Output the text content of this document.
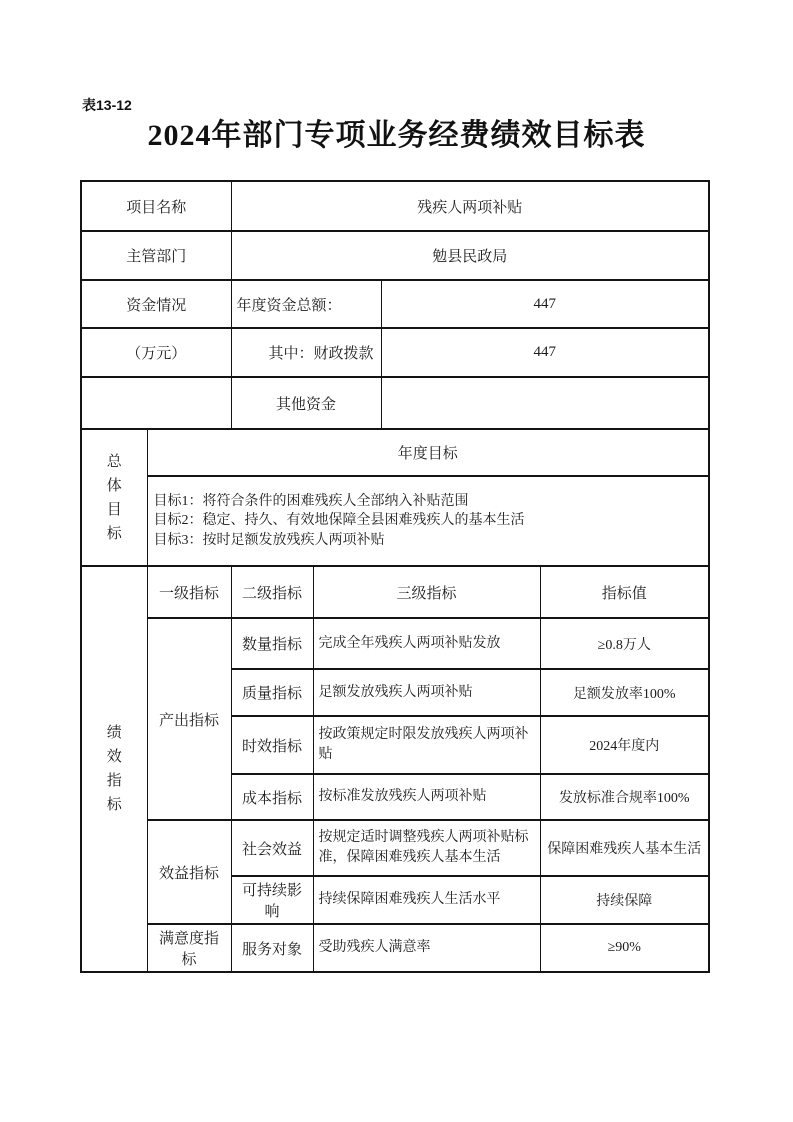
表13-12
2024年部门专项业务经费绩效目标表
项目名称		残疾人两项补贴			
主管部门		勉县民政局			
资金情况		年度资金总额：		447	
（万元）		其中：财政拨款		447	
		其他资金			

总体目标	年度目标				

	目标1：将符合条件的困难残疾人全部纳入补贴范围
目标2：稳定、持久、有效地保障全县困难残疾人的基本生活
目标3：按时足额发放残疾人两项补贴				

绩效指标	一级指标	二级指标	三级指标		指标值
	产出指标	数量指标	完成全年残疾人两项补贴发放		≥0.8万人
		质量指标	足额发放残疾人两项补贴		足额发放率100%
		时效指标	按政策规定时限发放残疾人两项补贴		2024年度内
		成本指标	按标准发放残疾人两项补贴		发放标准合规率100%
	效益指标	社会效益	按规定适时调整残疾人两项补贴标准，保障困难残疾人基本生活		保障困难残疾人基本生活
		可持续影响	持续保障困难残疾人生活水平		持续保障
	满意度指标	服务对象	受助残疾人满意率		≥90%
